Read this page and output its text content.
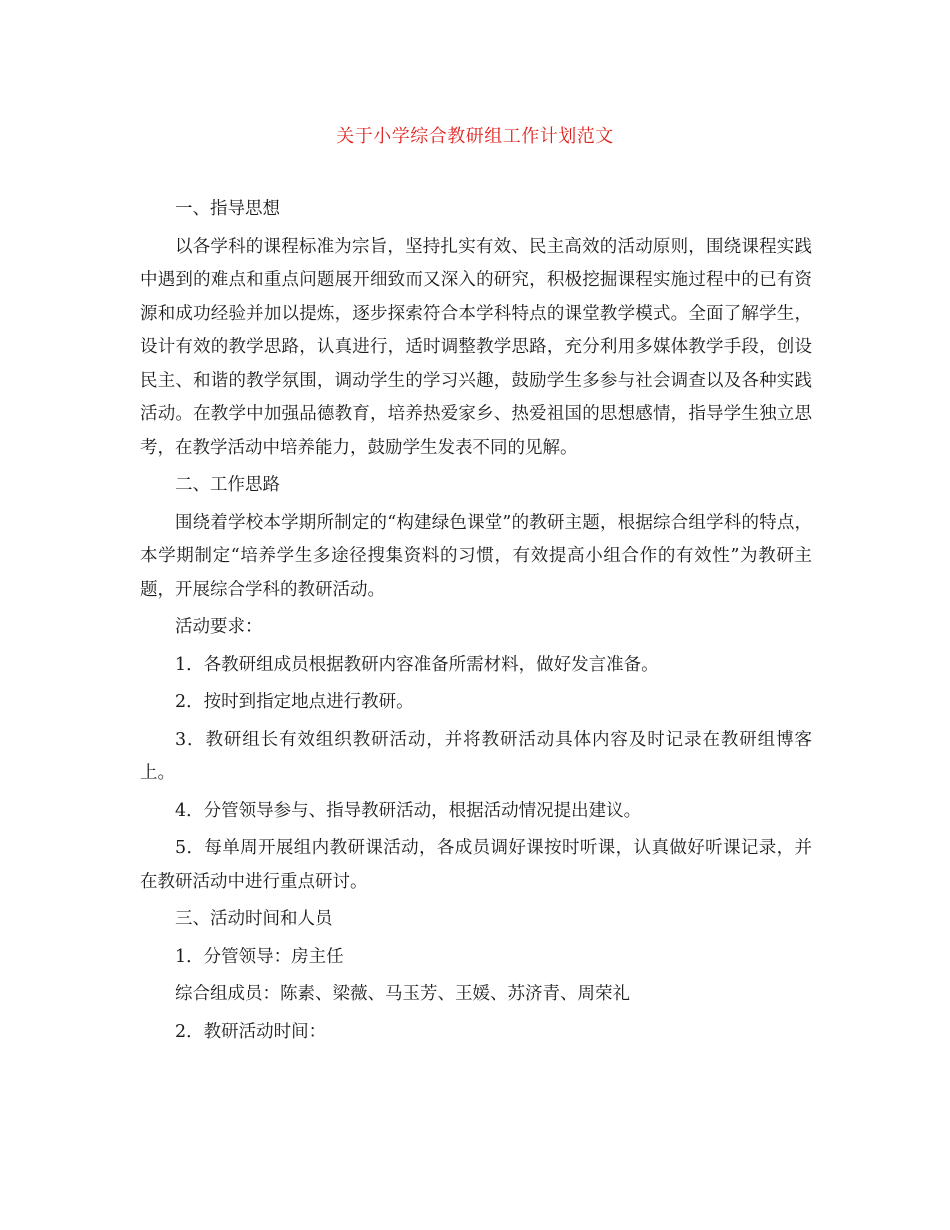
关于小学综合教研组工作计划范文

一、指导思想

以各学科的课程标准为宗旨，坚持扎实有效、民主高效的活动原则，围绕课程实践中遇到的难点和重点问题展开细致而又深入的研究，积极挖掘课程实施过程中的已有资源和成功经验并加以提炼，逐步探索符合本学科特点的课堂教学模式。全面了解学生，设计有效的教学思路，认真进行，适时调整教学思路，充分利用多媒体教学手段，创设民主、和谐的教学氛围，调动学生的学习兴趣，鼓励学生多参与社会调查以及各种实践活动。在教学中加强品德教育，培养热爱家乡、热爱祖国的思想感情，指导学生独立思考，在教学活动中培养能力，鼓励学生发表不同的见解。

二、工作思路

围绕着学校本学期所制定的“构建绿色课堂”的教研主题，根据综合组学科的特点，本学期制定“培养学生多途径搜集资料的习惯，有效提高小组合作的有效性”为教研主题，开展综合学科的教研活动。

活动要求：

1．各教研组成员根据教研内容准备所需材料，做好发言准备。

2．按时到指定地点进行教研。

3．教研组长有效组织教研活动，并将教研活动具体内容及时记录在教研组博客上。

4．分管领导参与、指导教研活动，根据活动情况提出建议。

5．每单周开展组内教研课活动，各成员调好课按时听课，认真做好听课记录，并在教研活动中进行重点研讨。

三、活动时间和人员

1．分管领导：房主任

综合组成员：陈素、梁薇、马玉芳、王媛、苏济青、周荣礼

2．教研活动时间：
